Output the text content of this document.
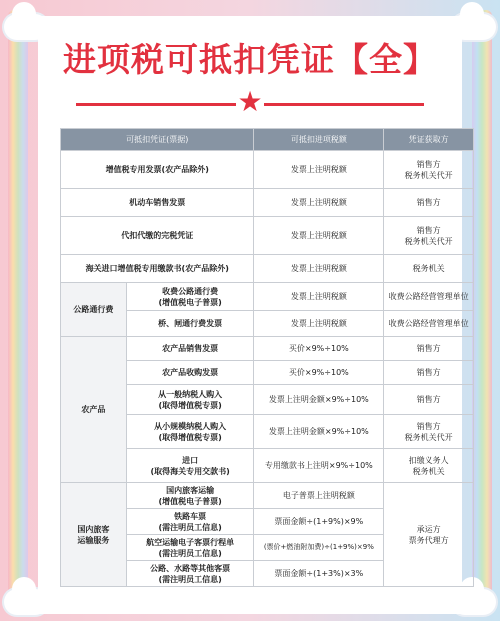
进项税可抵扣凭证【全】
★
可抵扣凭证(票据)		可抵扣进项税额	凭证获取方
增值税专用发票(农产品除外)		发票上注明税额	销售方
税务机关代开
机动车销售发票		发票上注明税额	销售方
代扣代缴的完税凭证		发票上注明税额	销售方
税务机关代开
海关进口增值税专用缴款书(农产品除外)		发票上注明税额	税务机关
公路通行费	收费公路通行费
(增值税电子普票)	发票上注明税额	收费公路经营管理单位
	桥、闸通行费发票	发票上注明税额	收费公路经营管理单位
农产品	农产品销售发票	买价×9%÷10%	销售方
	农产品收购发票	买价×9%÷10%	销售方
	从一般纳税人购入
(取得增值税专票)	发票上注明金额×9%÷10%	销售方
	从小规模纳税人购入
(取得增值税专票)	发票上注明金额×9%÷10%	销售方
税务机关代开
	进口
(取得海关专用交款书)	专用缴款书上注明×9%÷10%	扣缴义务人
税务机关
国内旅客
运输服务	国内旅客运输
(增值税电子普票)	电子普票上注明税额	承运方
票务代理方
	铁路车票
(需注明员工信息)	票面金额÷(1+9%)×9%	
	航空运输电子客票行程单
(需注明员工信息)	(票价+燃油附加费)÷(1+9%)×9%	
	公路、水路等其他客票
(需注明员工信息)	票面金额÷(1+3%)×3%	
